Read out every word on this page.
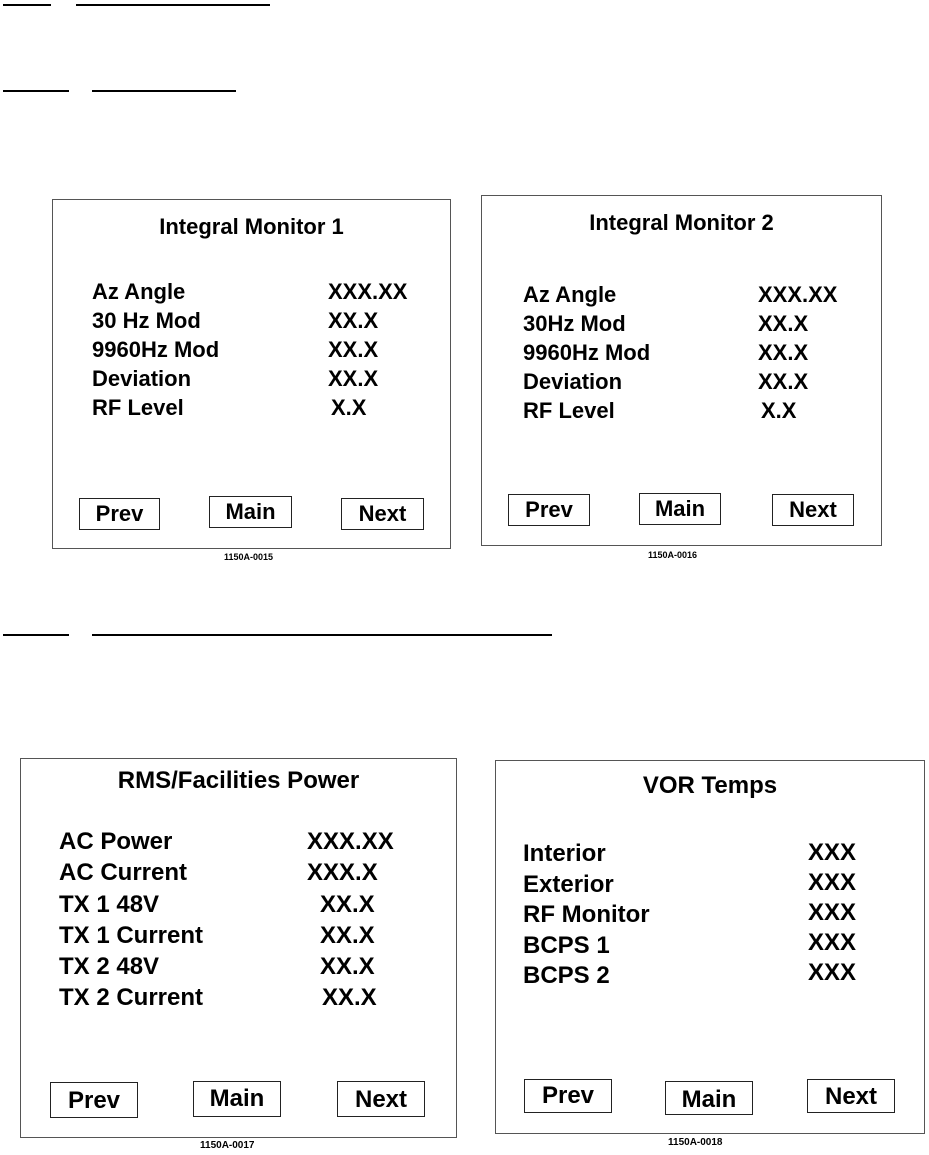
Integral Monitor 1
Az Angle	XXX.XX
30 Hz Mod	XX.X
9960Hz Mod	XX.X
Deviation	XX.X
RF Level	X.X
Prev	Main	Next
1150A-0015
Integral Monitor 2
Az Angle	XXX.XX
30Hz Mod	XX.X
9960Hz Mod	XX.X
Deviation	XX.X
RF Level	X.X
Prev	Main	Next
1150A-0016
RMS/Facilities Power
AC Power	XXX.XX
AC Current	XXX.X
TX 1 48V	XX.X
TX 1 Current	XX.X
TX 2 48V	XX.X
TX 2 Current	XX.X
Prev	Main	Next
1150A-0017
VOR Temps
Interior	XXX
Exterior	XXX
RF Monitor	XXX
BCPS 1	XXX
BCPS 2	XXX
Prev	Main	Next
1150A-0018
